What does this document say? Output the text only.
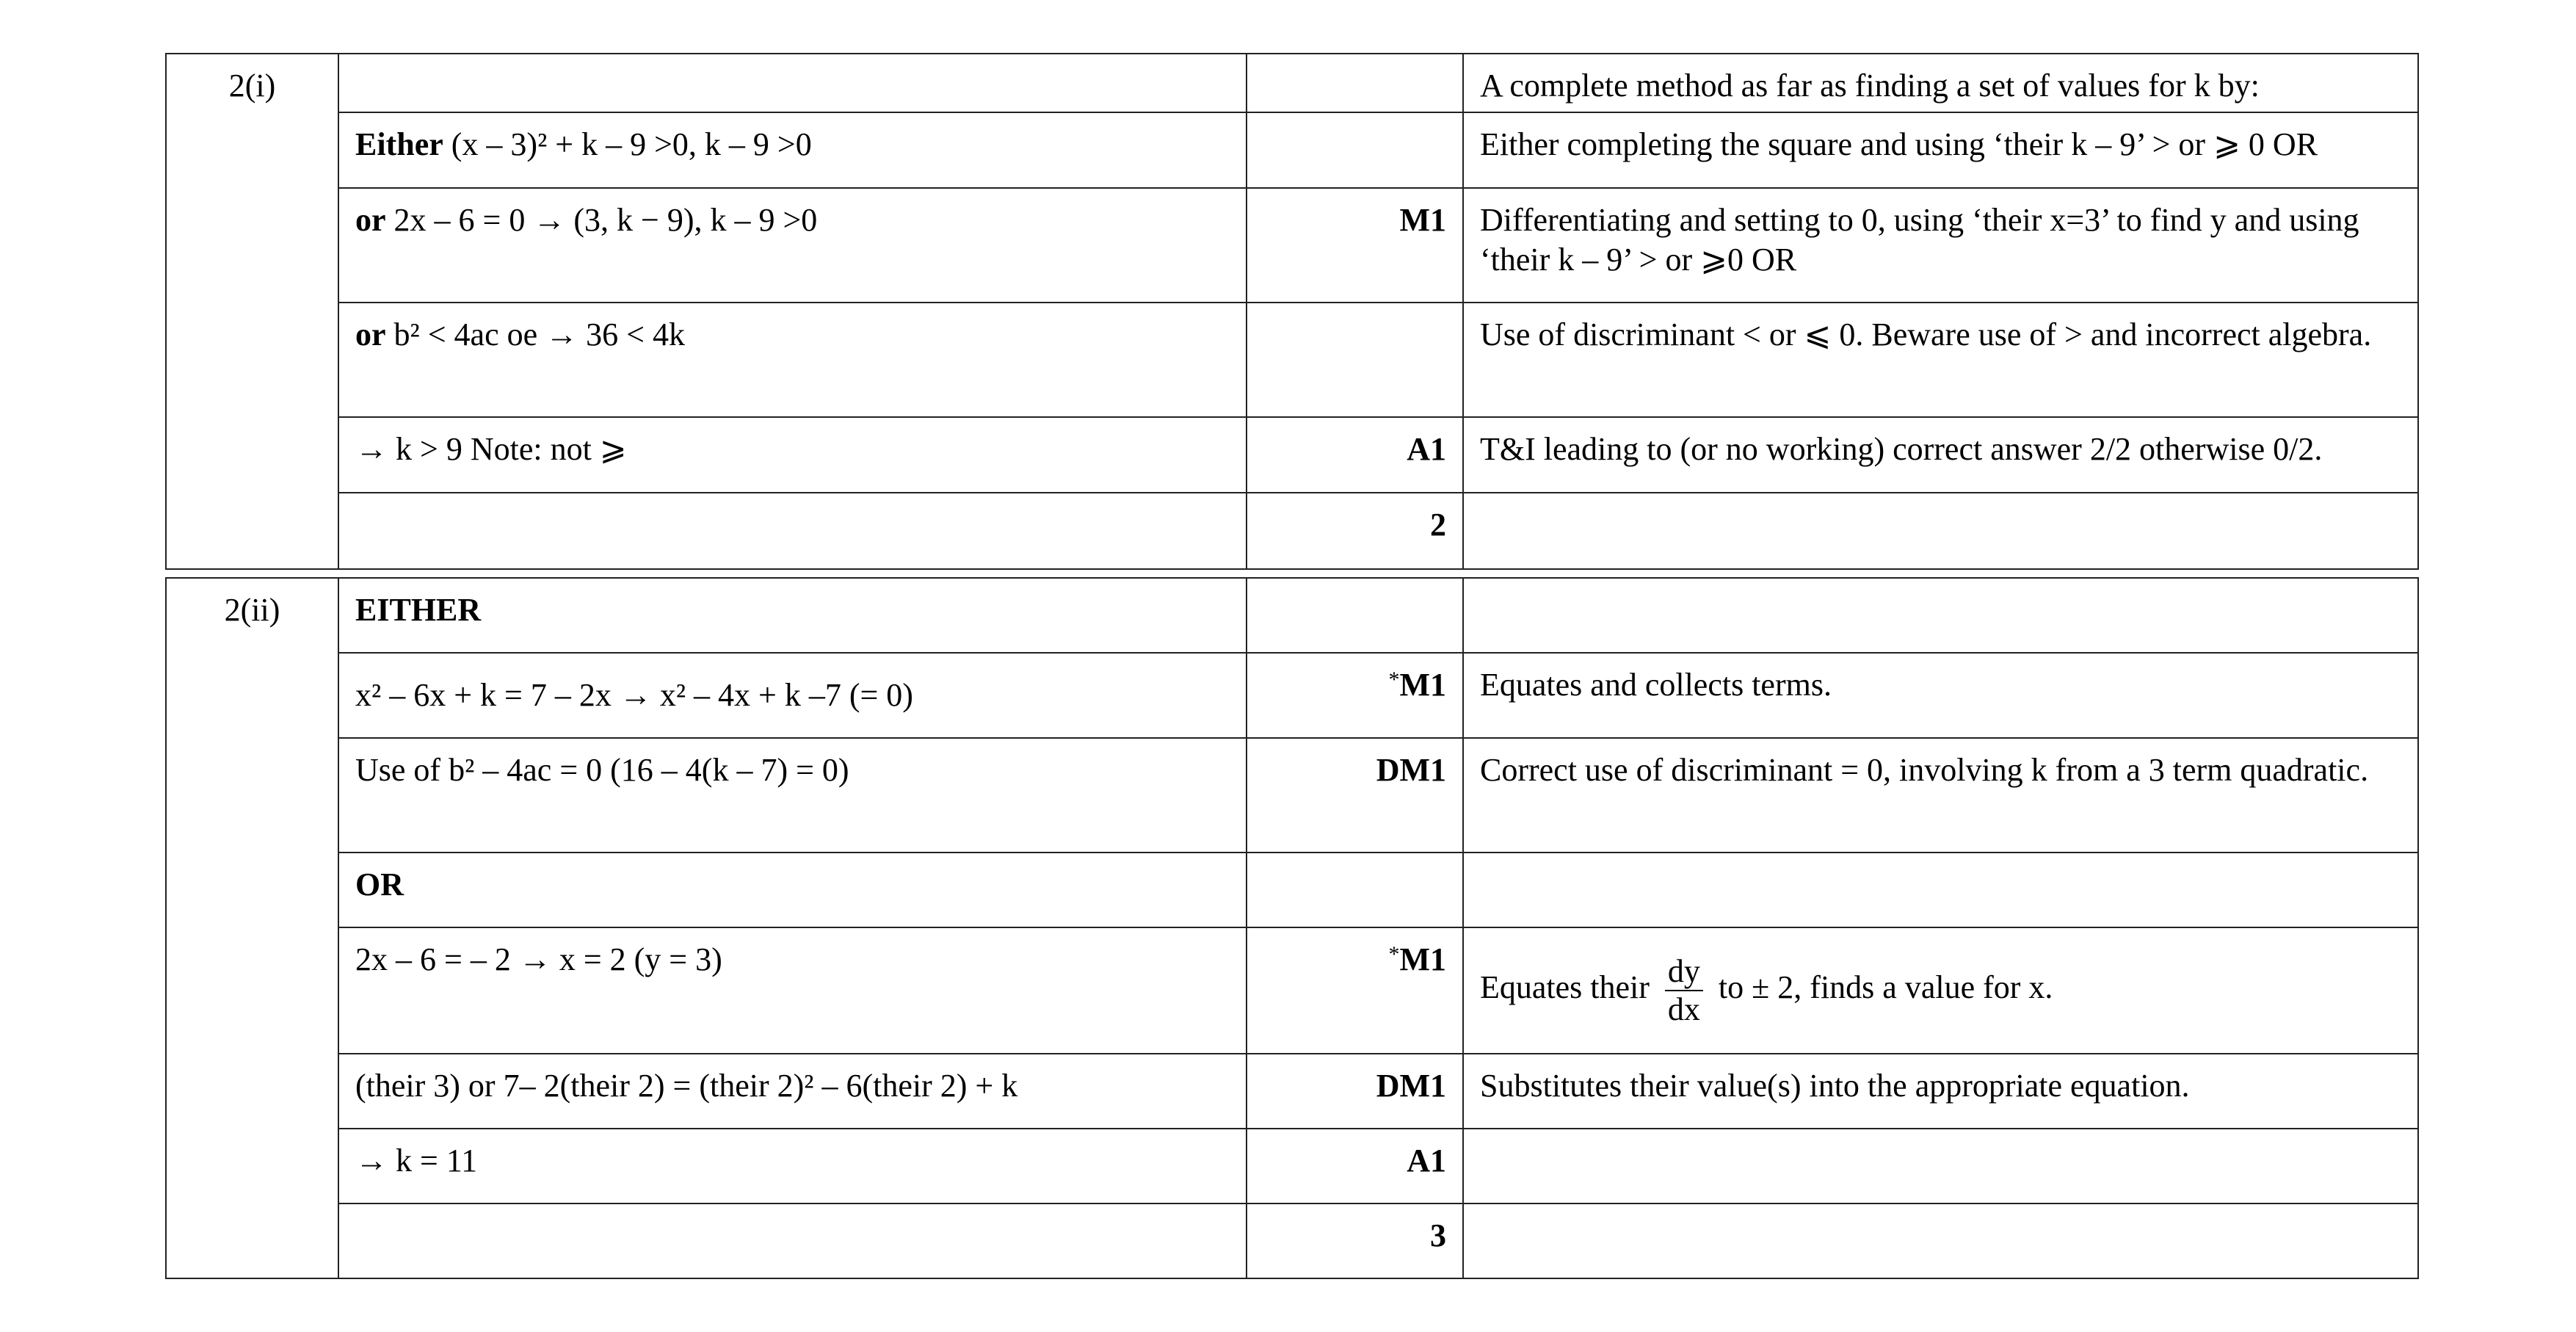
2(i)			A complete method as far as finding a set of values for k by:
	Either (x – 3)² + k – 9 >0, k – 9 >0		Either completing the square and using ‘their k – 9’ > or ⩾ 0 OR
	or 2x – 6 = 0 → (3, k − 9), k – 9 >0	M1	Differentiating and setting to 0, using ‘their x=3’ to find y and using ‘their k – 9’ > or ⩾0 OR
	or b² < 4ac oe → 36 < 4k		Use of discriminant < or ⩽ 0. Beware use of > and incorrect algebra.
	→ k > 9 Note: not ⩾	A1	T&I leading to (or no working) correct answer 2/2 otherwise 0/2.
		2	
2(ii)	EITHER		
	x² – 6x + k = 7 – 2x → x² – 4x + k –7 (= 0)	*M1	Equates and collects terms.
	Use of b² – 4ac = 0 (16 – 4(k – 7) = 0)	DM1	Correct use of discriminant = 0, involving k from a 3 term quadratic.
	OR		
	2x – 6 = – 2 → x = 2 (y = 3)	*M1	Equates their $\frac{dy}{dx}$ to ± 2, finds a value for x.
	(their 3) or 7– 2(their 2) = (their 2)² – 6(their 2) + k	DM1	Substitutes their value(s) into the appropriate equation.
	→ k = 11	A1	
		3	
